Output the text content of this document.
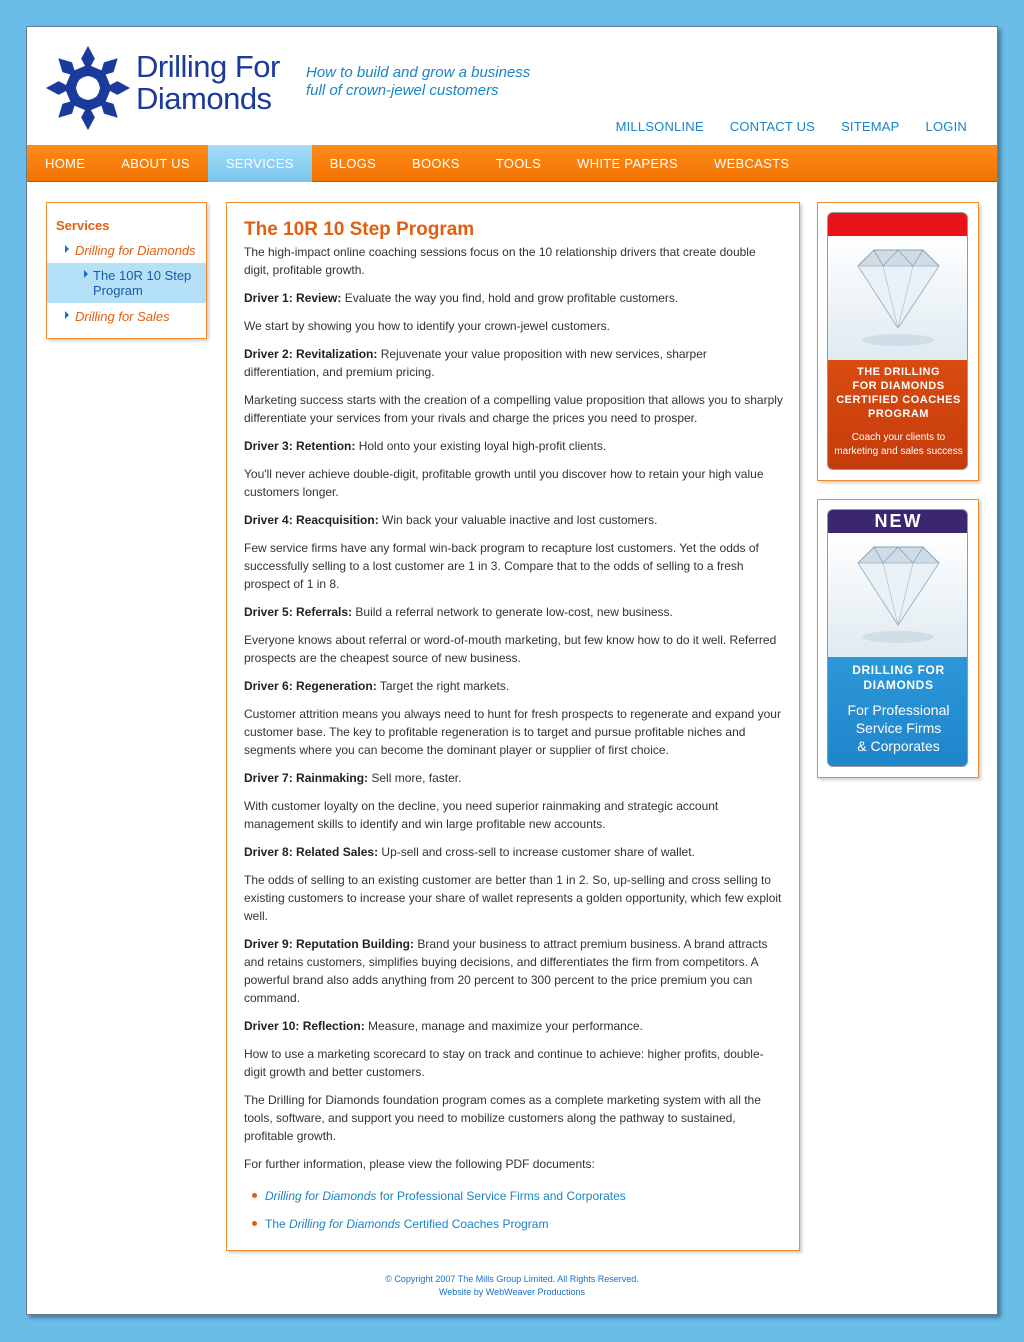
Drilling For
Diamonds
How to build and grow a business
full of crown-jewel customers
MILLSONLINE CONTACT US SITEMAP LOGIN
HOME	ABOUT US	SERVICES	BLOGS	BOOKS	TOOLS	WHITE PAPERS	WEBCASTS
Services
Drilling for Diamonds
The 10R 10 Step
Program
Drilling for Sales
The 10R 10 Step Program

The high-impact online coaching sessions focus on the 10 relationship drivers that create double digit, profitable growth.

Driver 1: Review: Evaluate the way you find, hold and grow profitable customers.

We start by showing you how to identify your crown-jewel customers.

Driver 2: Revitalization: Rejuvenate your value proposition with new services, sharper differentiation, and premium pricing.

Marketing success starts with the creation of a compelling value proposition that allows you to sharply differentiate your services from your rivals and charge the prices you need to prosper.

Driver 3: Retention: Hold onto your existing loyal high-profit clients.

You'll never achieve double-digit, profitable growth until you discover how to retain your high value customers longer.

Driver 4: Reacquisition: Win back your valuable inactive and lost customers.

Few service firms have any formal win-back program to recapture lost customers. Yet the odds of successfully selling to a lost customer are 1 in 3. Compare that to the odds of selling to a fresh prospect of 1 in 8.

Driver 5: Referrals: Build a referral network to generate low-cost, new business.

Everyone knows about referral or word-of-mouth marketing, but few know how to do it well. Referred prospects are the cheapest source of new business.

Driver 6: Regeneration: Target the right markets.

Customer attrition means you always need to hunt for fresh prospects to regenerate and expand your customer base. The key to profitable regeneration is to target and pursue profitable niches and segments where you can become the dominant player or supplier of first choice.

Driver 7: Rainmaking: Sell more, faster.

With customer loyalty on the decline, you need superior rainmaking and strategic account management skills to identify and win large profitable new accounts.

Driver 8: Related Sales: Up-sell and cross-sell to increase customer share of wallet.

The odds of selling to an existing customer are better than 1 in 2. So, up-selling and cross selling to existing customers to increase your share of wallet represents a golden opportunity, which few exploit well.

Driver 9: Reputation Building: Brand your business to attract premium business. A brand attracts and retains customers, simplifies buying decisions, and differentiates the firm from competitors. A powerful brand also adds anything from 20 percent to 300 percent to the price premium you can command.

Driver 10: Reflection: Measure, manage and maximize your performance.

How to use a marketing scorecard to stay on track and continue to achieve: higher profits, double-digit growth and better customers.

The Drilling for Diamonds foundation program comes as a complete marketing system with all the tools, software, and support you need to mobilize customers along the pathway to sustained, profitable growth.

For further information, please view the following PDF documents:

Drilling for Diamonds for Professional Service Firms and Corporates
The Drilling for Diamonds Certified Coaches Program
THE DRILLING
FOR DIAMONDS
CERTIFIED COACHES
PROGRAM
Coach your clients to
marketing and sales success
NEW
DRILLING FOR
DIAMONDS
For Professional
Service Firms
& Corporates
© Copyright 2007 The Mills Group Limited. All Rights Reserved.
Website by WebWeaver Productions
